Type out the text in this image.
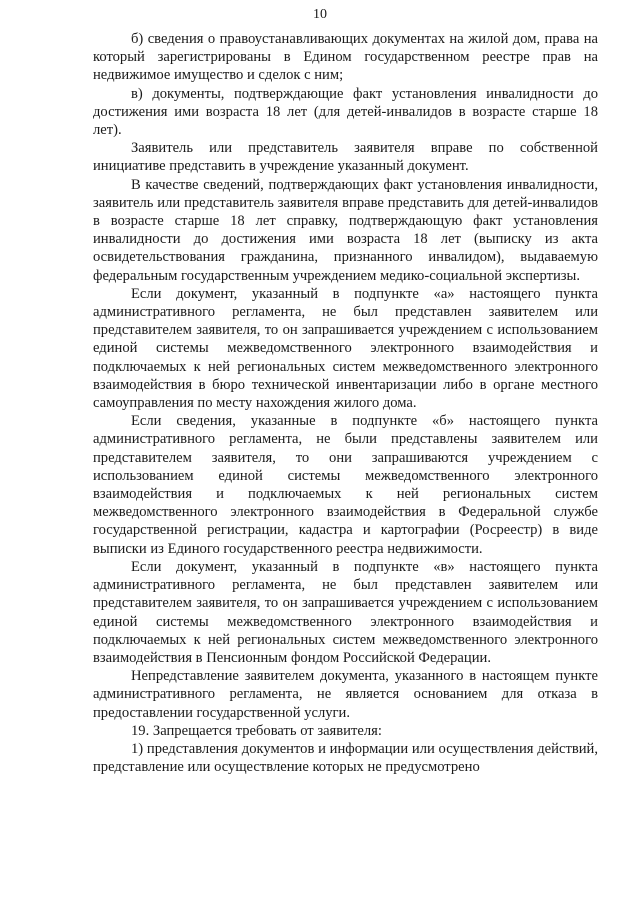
10

б) сведения о правоустанавливающих документах на жилой дом, права на который зарегистрированы в Едином государственном реестре прав на недвижимое имущество и сделок с ним;

в) документы, подтверждающие факт установления инвалидности до достижения ими возраста 18 лет (для детей-инвалидов в возрасте старше 18 лет).

Заявитель или представитель заявителя вправе по собственной инициативе представить в учреждение указанный документ.

В качестве сведений, подтверждающих факт установления инвалидности, заявитель или представитель заявителя вправе представить для детей-инвалидов в возрасте старше 18 лет справку, подтверждающую факт установления инвалидности до достижения ими возраста 18 лет (выписку из акта освидетельствования гражданина, признанного инвалидом), выдаваемую федеральным государственным учреждением медико-социальной экспертизы.

Если документ, указанный в подпункте «а» настоящего пункта административного регламента, не был представлен заявителем или представителем заявителя, то он запрашивается учреждением с использованием единой системы межведомственного электронного взаимодействия и подключаемых к ней региональных систем межведомственного электронного взаимодействия в бюро технической инвентаризации либо в органе местного самоуправления по месту нахождения жилого дома.

Если сведения, указанные в подпункте «б» настоящего пункта административного регламента, не были представлены заявителем или представителем заявителя, то они запрашиваются учреждением с использованием единой системы межведомственного электронного взаимодействия и подключаемых к ней региональных систем межведомственного электронного взаимодействия в Федеральной службе государственной регистрации, кадастра и картографии (Росреестр) в виде выписки из Единого государственного реестра недвижимости.

Если документ, указанный в подпункте «в» настоящего пункта административного регламента, не был представлен заявителем или представителем заявителя, то он запрашивается учреждением с использованием единой системы межведомственного электронного взаимодействия и подключаемых к ней региональных систем межведомственного электронного взаимодействия в Пенсионным фондом Российской Федерации.

Непредставление заявителем документа, указанного в настоящем пункте административного регламента, не является основанием для отказа в предоставлении государственной услуги.

19. Запрещается требовать от заявителя:

1) представления документов и информации или осуществления действий, представление или осуществление которых не предусмотрено
